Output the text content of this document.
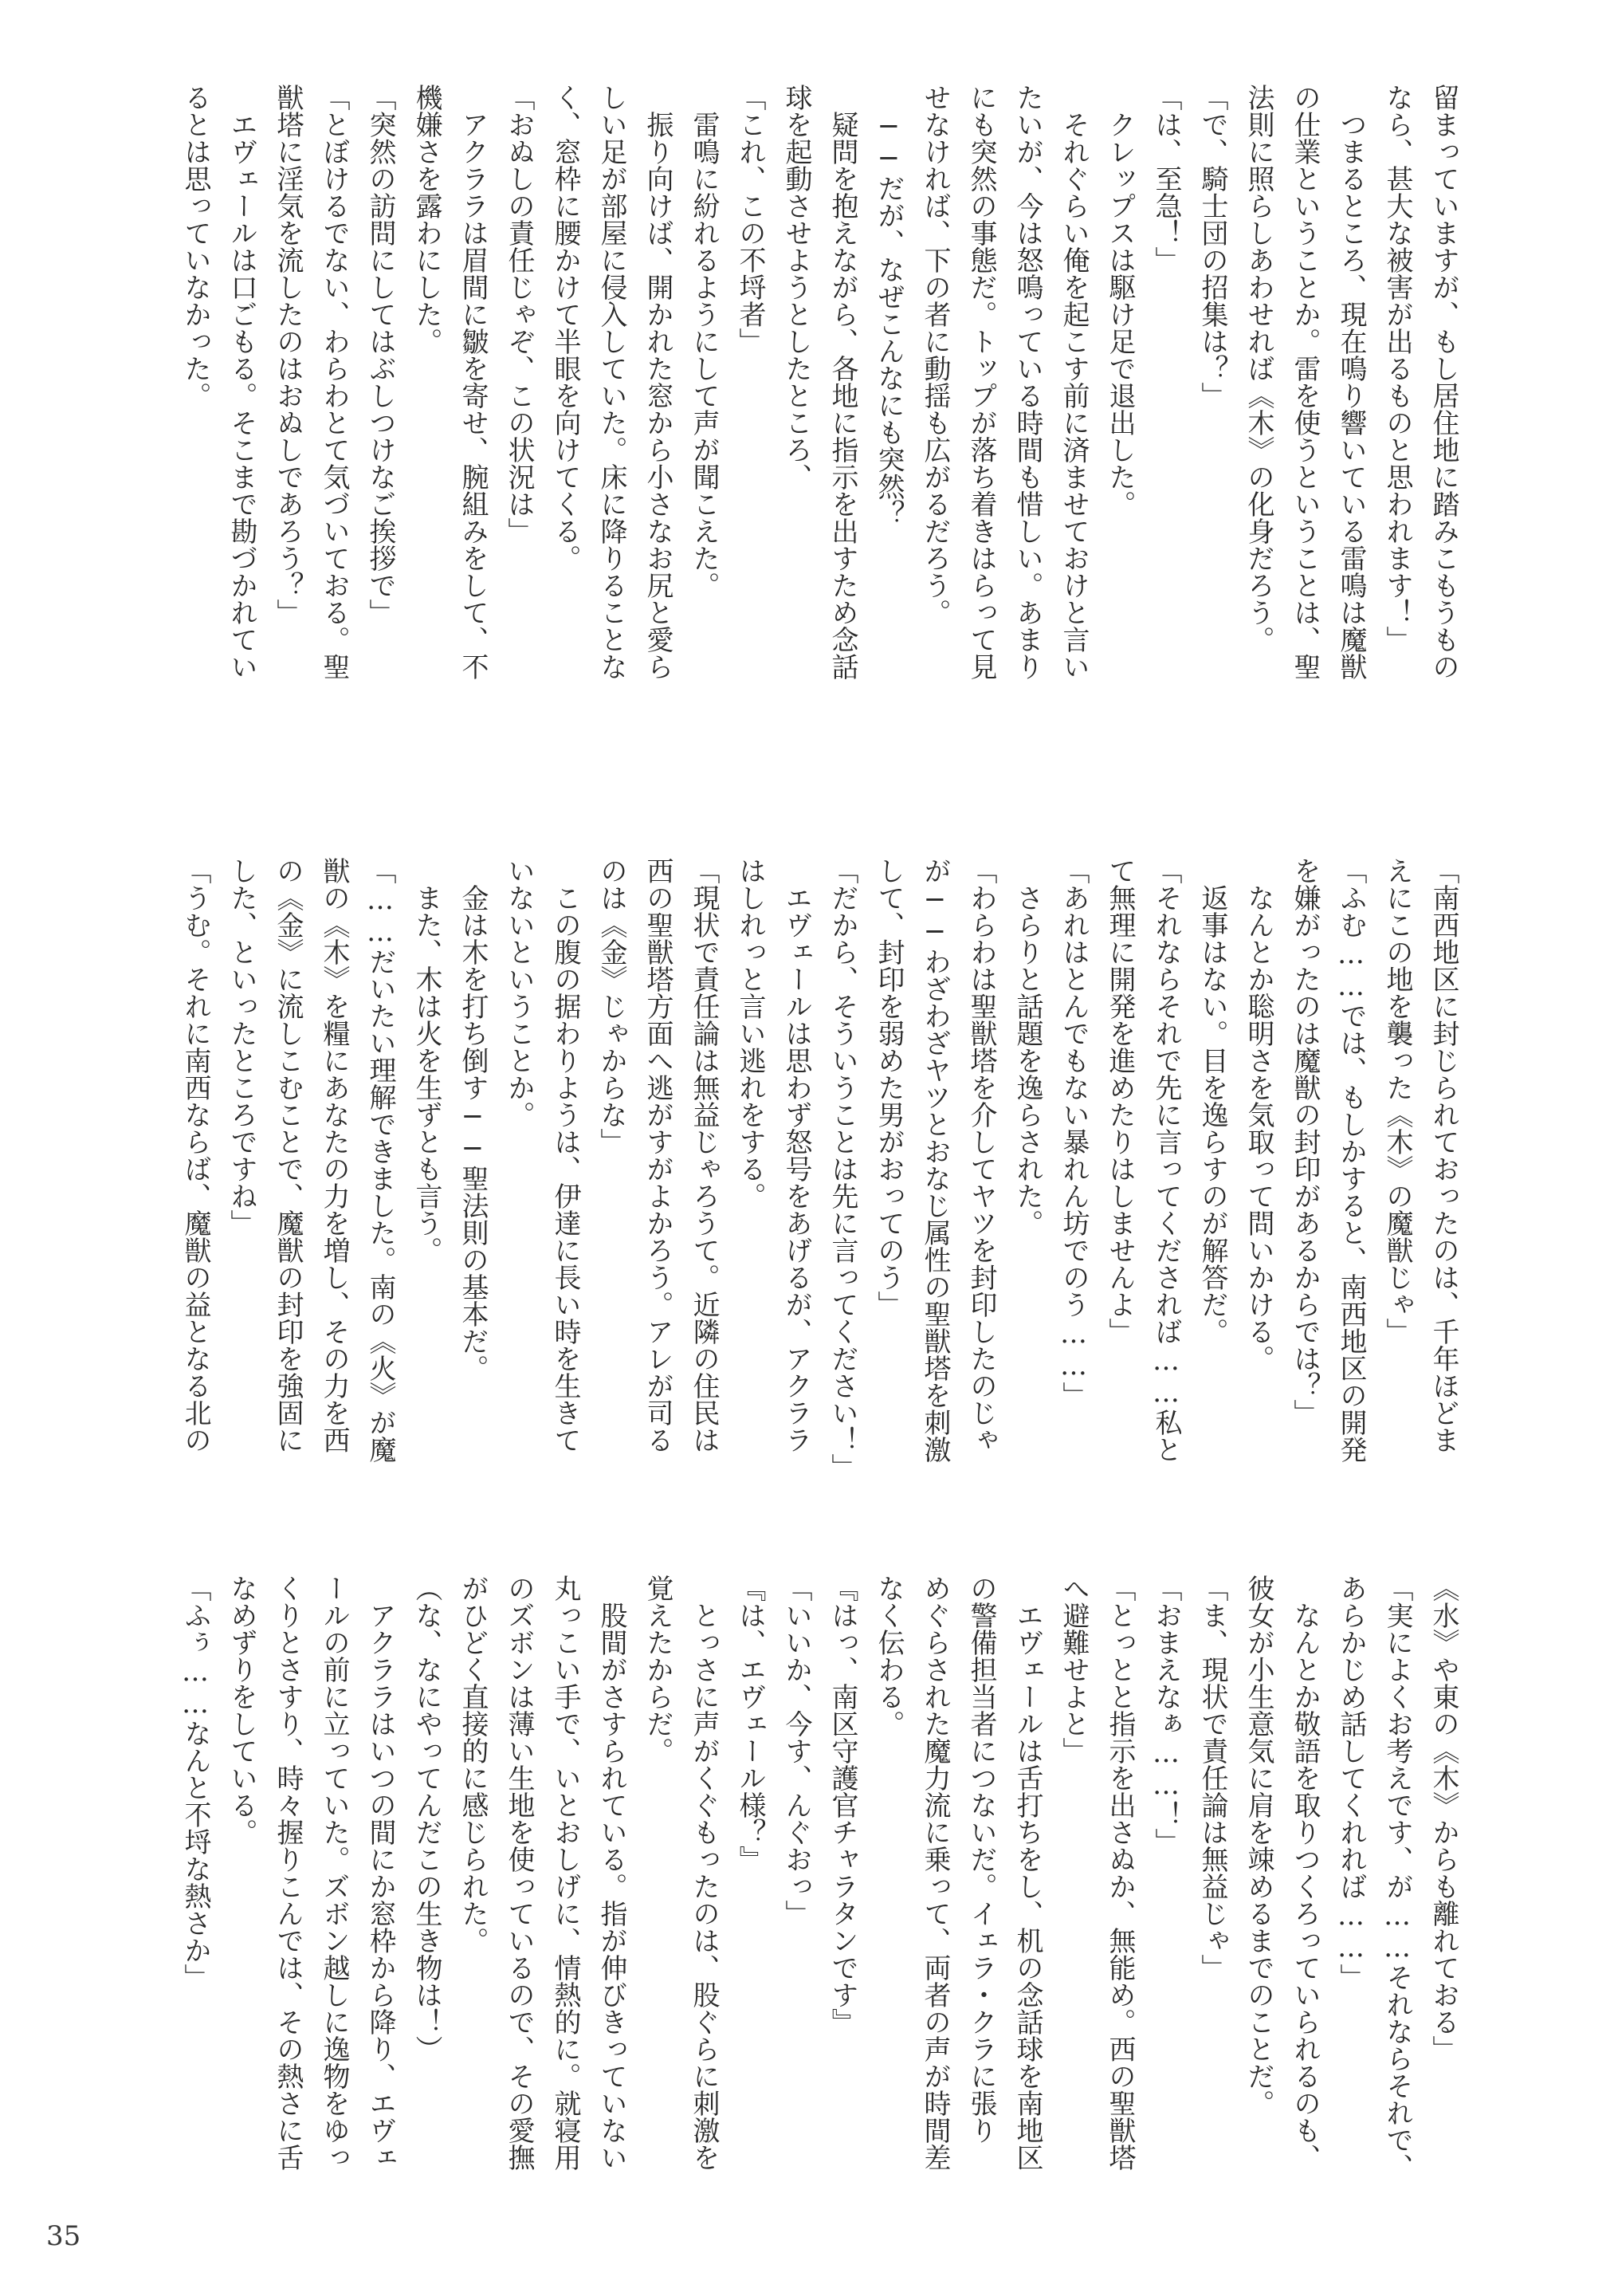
留まっていますが、もし居住地に踏みこもうもの
なら、甚大な被害が出るものと思われます！」
　つまるところ、現在鳴り響いている雷鳴は魔獣
の仕業ということか。雷を使うということは、聖
法則に照らしあわせれば《木》の化身だろう。
「で、騎士団の招集は？」
「は、至急！」
　クレップスは駆け足で退出した。
　それぐらい俺を起こす前に済ませておけと言い
たいが、今は怒鳴っている時間も惜しい。あまり
にも突然の事態だ。トップが落ち着きはらって見
せなければ、下の者に動揺も広がるだろう。
　──だが、なぜこんなにも突然？
　疑問を抱えながら、各地に指示を出すため念話
球を起動させようとしたところ、
「これ、この不埒者」
　雷鳴に紛れるようにして声が聞こえた。
　振り向けば、開かれた窓から小さなお尻と愛ら
しい足が部屋に侵入していた。床に降りることな
く、窓枠に腰かけて半眼を向けてくる。
「おぬしの責任じゃぞ、この状況は」
　アクララは眉間に皺を寄せ、腕組みをして、不
機嫌さを露わにした。
「突然の訪問にしてはぶしつけなご挨拶で」
「とぼけるでない、わらわとて気づいておる。聖
獣塔に淫気を流したのはおぬしであろう？」
　エヴェールは口ごもる。そこまで勘づかれてい
るとは思っていなかった。
「南西地区に封じられておったのは、千年ほどま
えにこの地を襲った《木》の魔獣じゃ」
「ふむ……では、もしかすると、南西地区の開発
を嫌がったのは魔獣の封印があるからでは？」
　なんとか聡明さを気取って問いかける。
　返事はない。目を逸らすのが解答だ。
「それならそれで先に言ってくだされば……私と
て無理に開発を進めたりはしませんよ」
「あれはとんでもない暴れん坊でのう……」
　さらりと話題を逸らされた。
「わらわは聖獣塔を介してヤツを封印したのじゃ
が──わざわざヤツとおなじ属性の聖獣塔を刺激
して、封印を弱めた男がおってのう」
「だから、そういうことは先に言ってください！」
　エヴェールは思わず怒号をあげるが、アクララ
はしれっと言い逃れをする。
「現状で責任論は無益じゃろうて。近隣の住民は
西の聖獣塔方面へ逃がすがよかろう。アレが司る
のは《金》じゃからな」
　この腹の据わりようは、伊達に長い時を生きて
いないということか。
　金は木を打ち倒す──聖法則の基本だ。
　また、木は火を生ずとも言う。
「……だいたい理解できました。南の《火》が魔
獣の《木》を糧にあなたの力を増し、その力を西
の《金》に流しこむことで、魔獣の封印を強固に
した、といったところですね」
「うむ。それに南西ならば、魔獣の益となる北の
《水》や東の《木》からも離れておる」
「実によくお考えです、が……それならそれで、
あらかじめ話してくれれば……」
　なんとか敬語を取りつくろっていられるのも、
彼女が小生意気に肩を竦めるまでのことだ。
「ま、現状で責任論は無益じゃ」
「おまえなぁ……！」
「とっとと指示を出さぬか、無能め。西の聖獣塔
へ避難せよと」
　エヴェールは舌打ちをし、机の念話球を南地区
の警備担当者につないだ。イェラ・クラに張り
めぐらされた魔力流に乗って、両者の声が時間差
なく伝わる。
『はっ、南区守護官チャラタンです』
「いいか、今す、んぐおっ」
『は、エヴェール様？』
　とっさに声がくぐもったのは、股ぐらに刺激を
覚えたからだ。
　股間がさすられている。指が伸びきっていない
丸っこい手で、いとおしげに、情熱的に。就寝用
のズボンは薄い生地を使っているので、その愛撫
がひどく直接的に感じられた。
（な、なにやってんだこの生き物は！）
　アクララはいつの間にか窓枠から降り、エヴェ
ールの前に立っていた。ズボン越しに逸物をゆっ
くりとさすり、時々握りこんでは、その熱さに舌
なめずりをしている。
「ふぅ……なんと不埒な熱さか」
35
